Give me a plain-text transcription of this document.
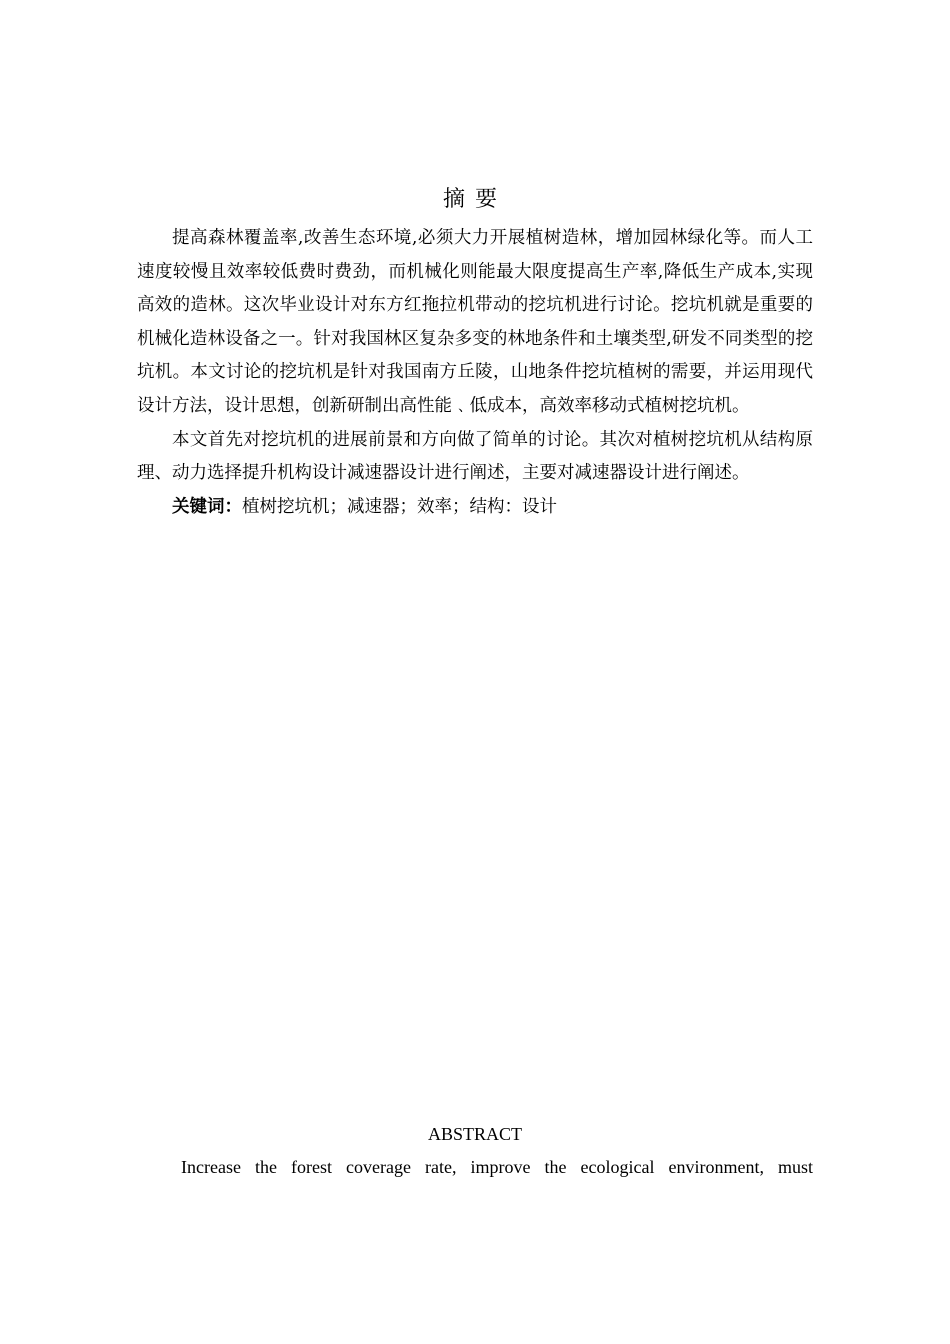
摘要

提高森林覆盖率,改善生态环境,必须大力开展植树造林，增加园林绿化等。而人工速度较慢且效率较低费时费劲，而机械化则能最大限度提高生产率,降低生产成本,实现高效的造林。这次毕业设计对东方红拖拉机带动的挖坑机进行讨论。挖坑机就是重要的机械化造林设备之一。针对我国林区复杂多变的林地条件和土壤类型,研发不同类型的挖坑机。本文讨论的挖坑机是针对我国南方丘陵，山地条件挖坑植树的需要，并运用现代设计方法，设计思想，创新研制出高性能﹑低成本，高效率移动式植树挖坑机。

本文首先对挖坑机的进展前景和方向做了简单的讨论。其次对植树挖坑机从结构原理、动力选择提升机构设计减速器设计进行阐述，主要对减速器设计进行阐述。

关键词：植树挖坑机；减速器；效率；结构：设计

ABSTRACT
Increase the forest coverage rate, improve the ecological environment, must
